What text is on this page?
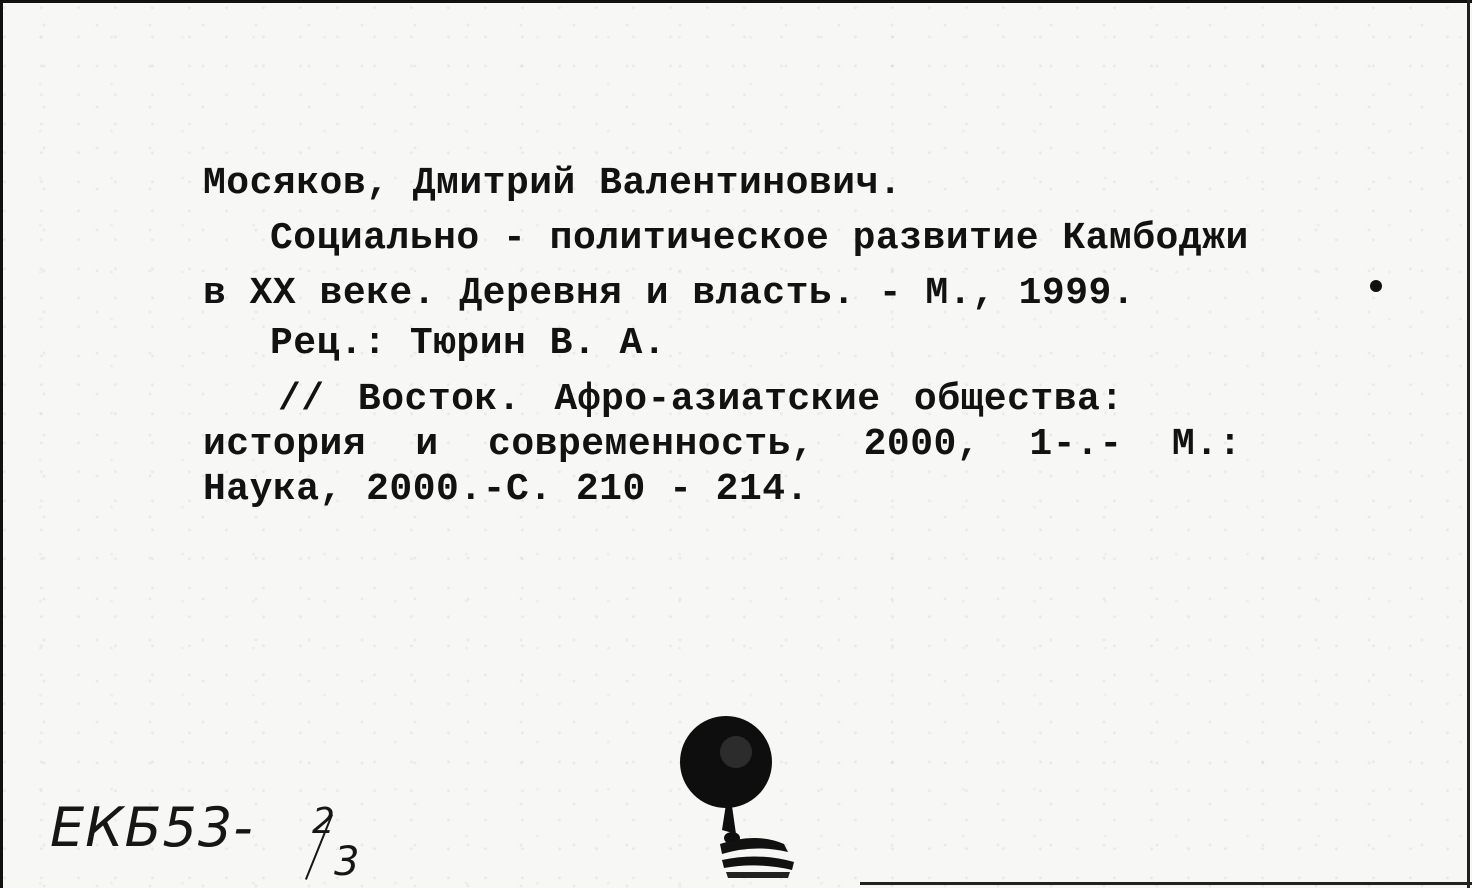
Мосяков, Дмитрий Валентинович.

Социально - политическое развитие Камбоджи

в XX веке. Деревня и власть. - М., 1999.

Рец.: Тюрин В. А.

// Восток. Афро-азиатские общества:

история и современность, 2000, 1-.- М.:

Наука, 2000.-С. 210 - 214.

ЕКБ53- 2

3
